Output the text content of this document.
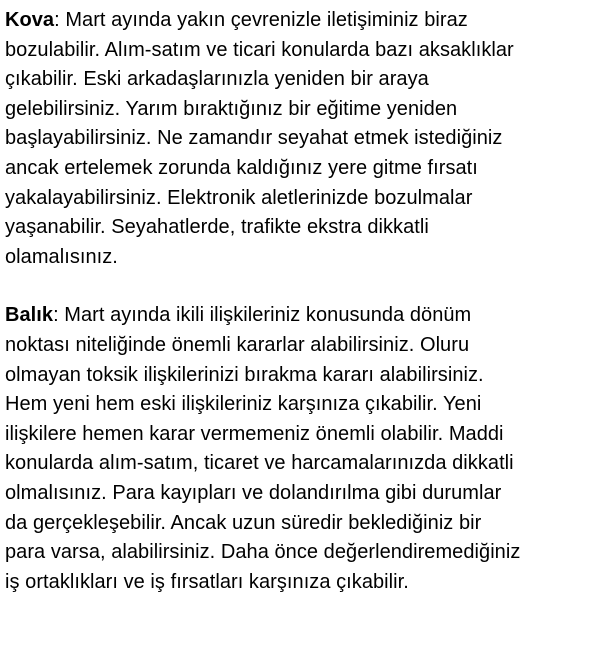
Kova: Mart ayında yakın çevrenizle iletişiminiz biraz
bozulabilir. Alım-satım ve ticari konularda bazı aksaklıklar
çıkabilir. Eski arkadaşlarınızla yeniden bir araya
gelebilirsiniz. Yarım bıraktığınız bir eğitime yeniden
başlayabilirsiniz. Ne zamandır seyahat etmek istediğiniz
ancak ertelemek zorunda kaldığınız yere gitme fırsatı
yakalayabilirsiniz. Elektronik aletlerinizde bozulmalar
yaşanabilir. Seyahatlerde, trafikte ekstra dikkatli
olamalısınız.

Balık: Mart ayında ikili ilişkileriniz konusunda dönüm
noktası niteliğinde önemli kararlar alabilirsiniz. Oluru
olmayan toksik ilişkilerinizi bırakma kararı alabilirsiniz.
Hem yeni hem eski ilişkileriniz karşınıza çıkabilir. Yeni
ilişkilere hemen karar vermemeniz önemli olabilir. Maddi
konularda alım-satım, ticaret ve harcamalarınızda dikkatli
olmalısınız. Para kayıpları ve dolandırılma gibi durumlar
da gerçekleşebilir. Ancak uzun süredir beklediğiniz bir
para varsa, alabilirsiniz. Daha önce değerlendiremediğiniz
iş ortaklıkları ve iş fırsatları karşınıza çıkabilir.
